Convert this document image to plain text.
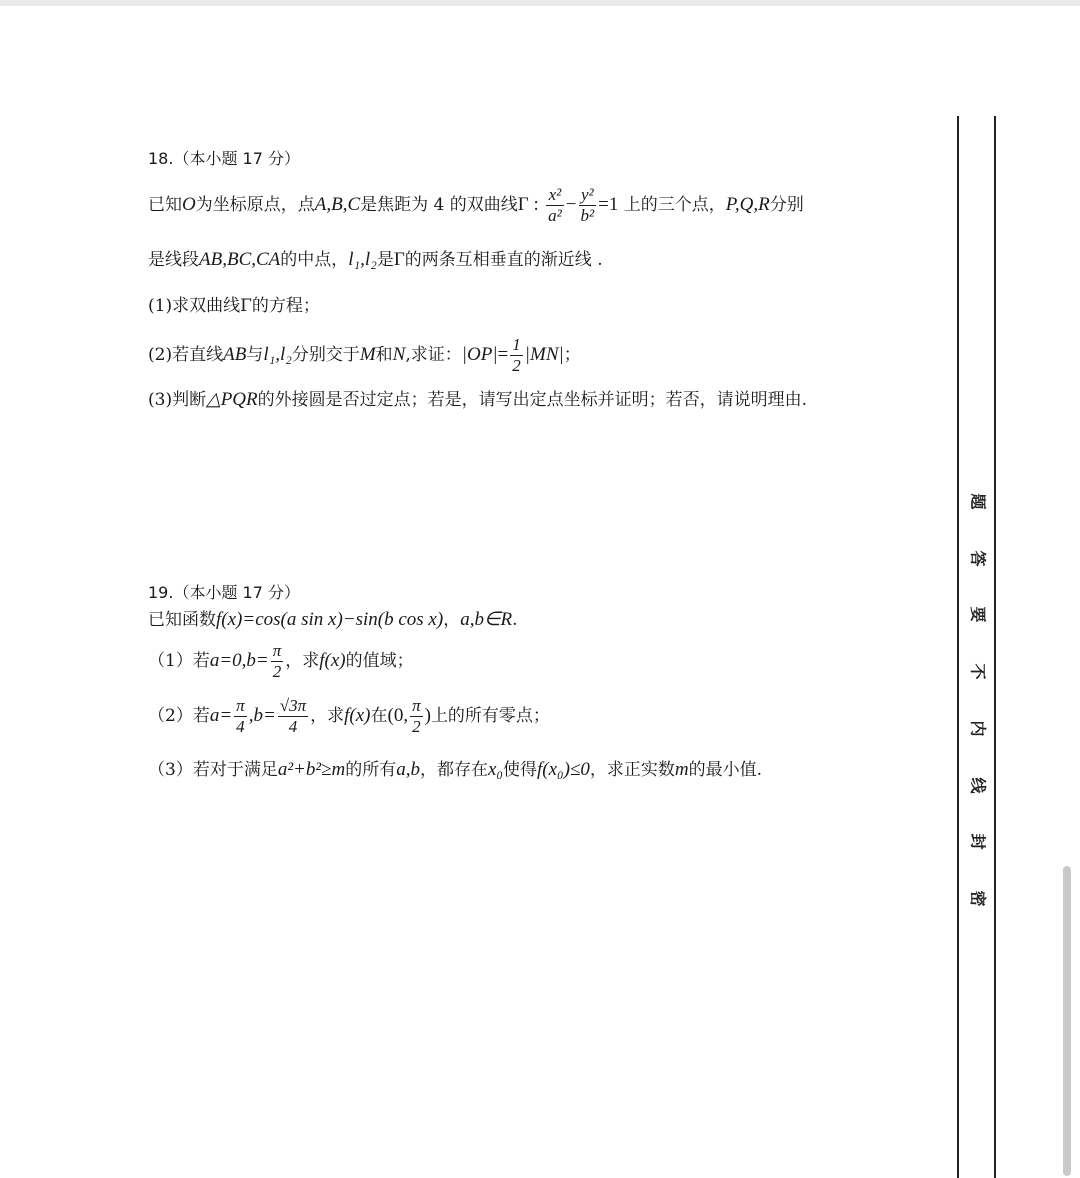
18.（本小题 17 分）
已知O为坐标原点，点A,B,C是焦距为 4 的双曲线Γ : $\frac{\text{x²}}{\text{a²}} - \frac{\text{y²}}{\text{b²}} =1$ 上的三个点，P,Q,R分别
是线段AB,BC,CA的中点，l₁,l₂是Γ的两条互相垂直的渐近线 .
(1)求双曲线Γ的方程；
(2)若直线AB与l₁,l₂分别交于M和N,求证：$|OP|= \frac{1}{2} |MN|$；
(3)判断△PQR的外接圆是否过定点；若是，请写出定点坐标并证明；若否，请说明理由.
19.（本小题 17 分）
已知函数f(x)=cos(a sin x)−sin(b cos x)，a,b∈R.
（1）若$a=0,b= \frac{\pi}{2}$ ，求f(x)的值域；
（2）若$a= \frac{\pi}{4} ,b= \frac{√3\pi}{4}$ ，求f(x)在(0, $\frac{\pi}{2}$ )上的所有零点；
（3）若对于满足a²+b²≥m的所有a,b，都存在x₀使得f(x₀)≤0，求正实数m的最小值.
题
答
要
不
内
线
封
密
